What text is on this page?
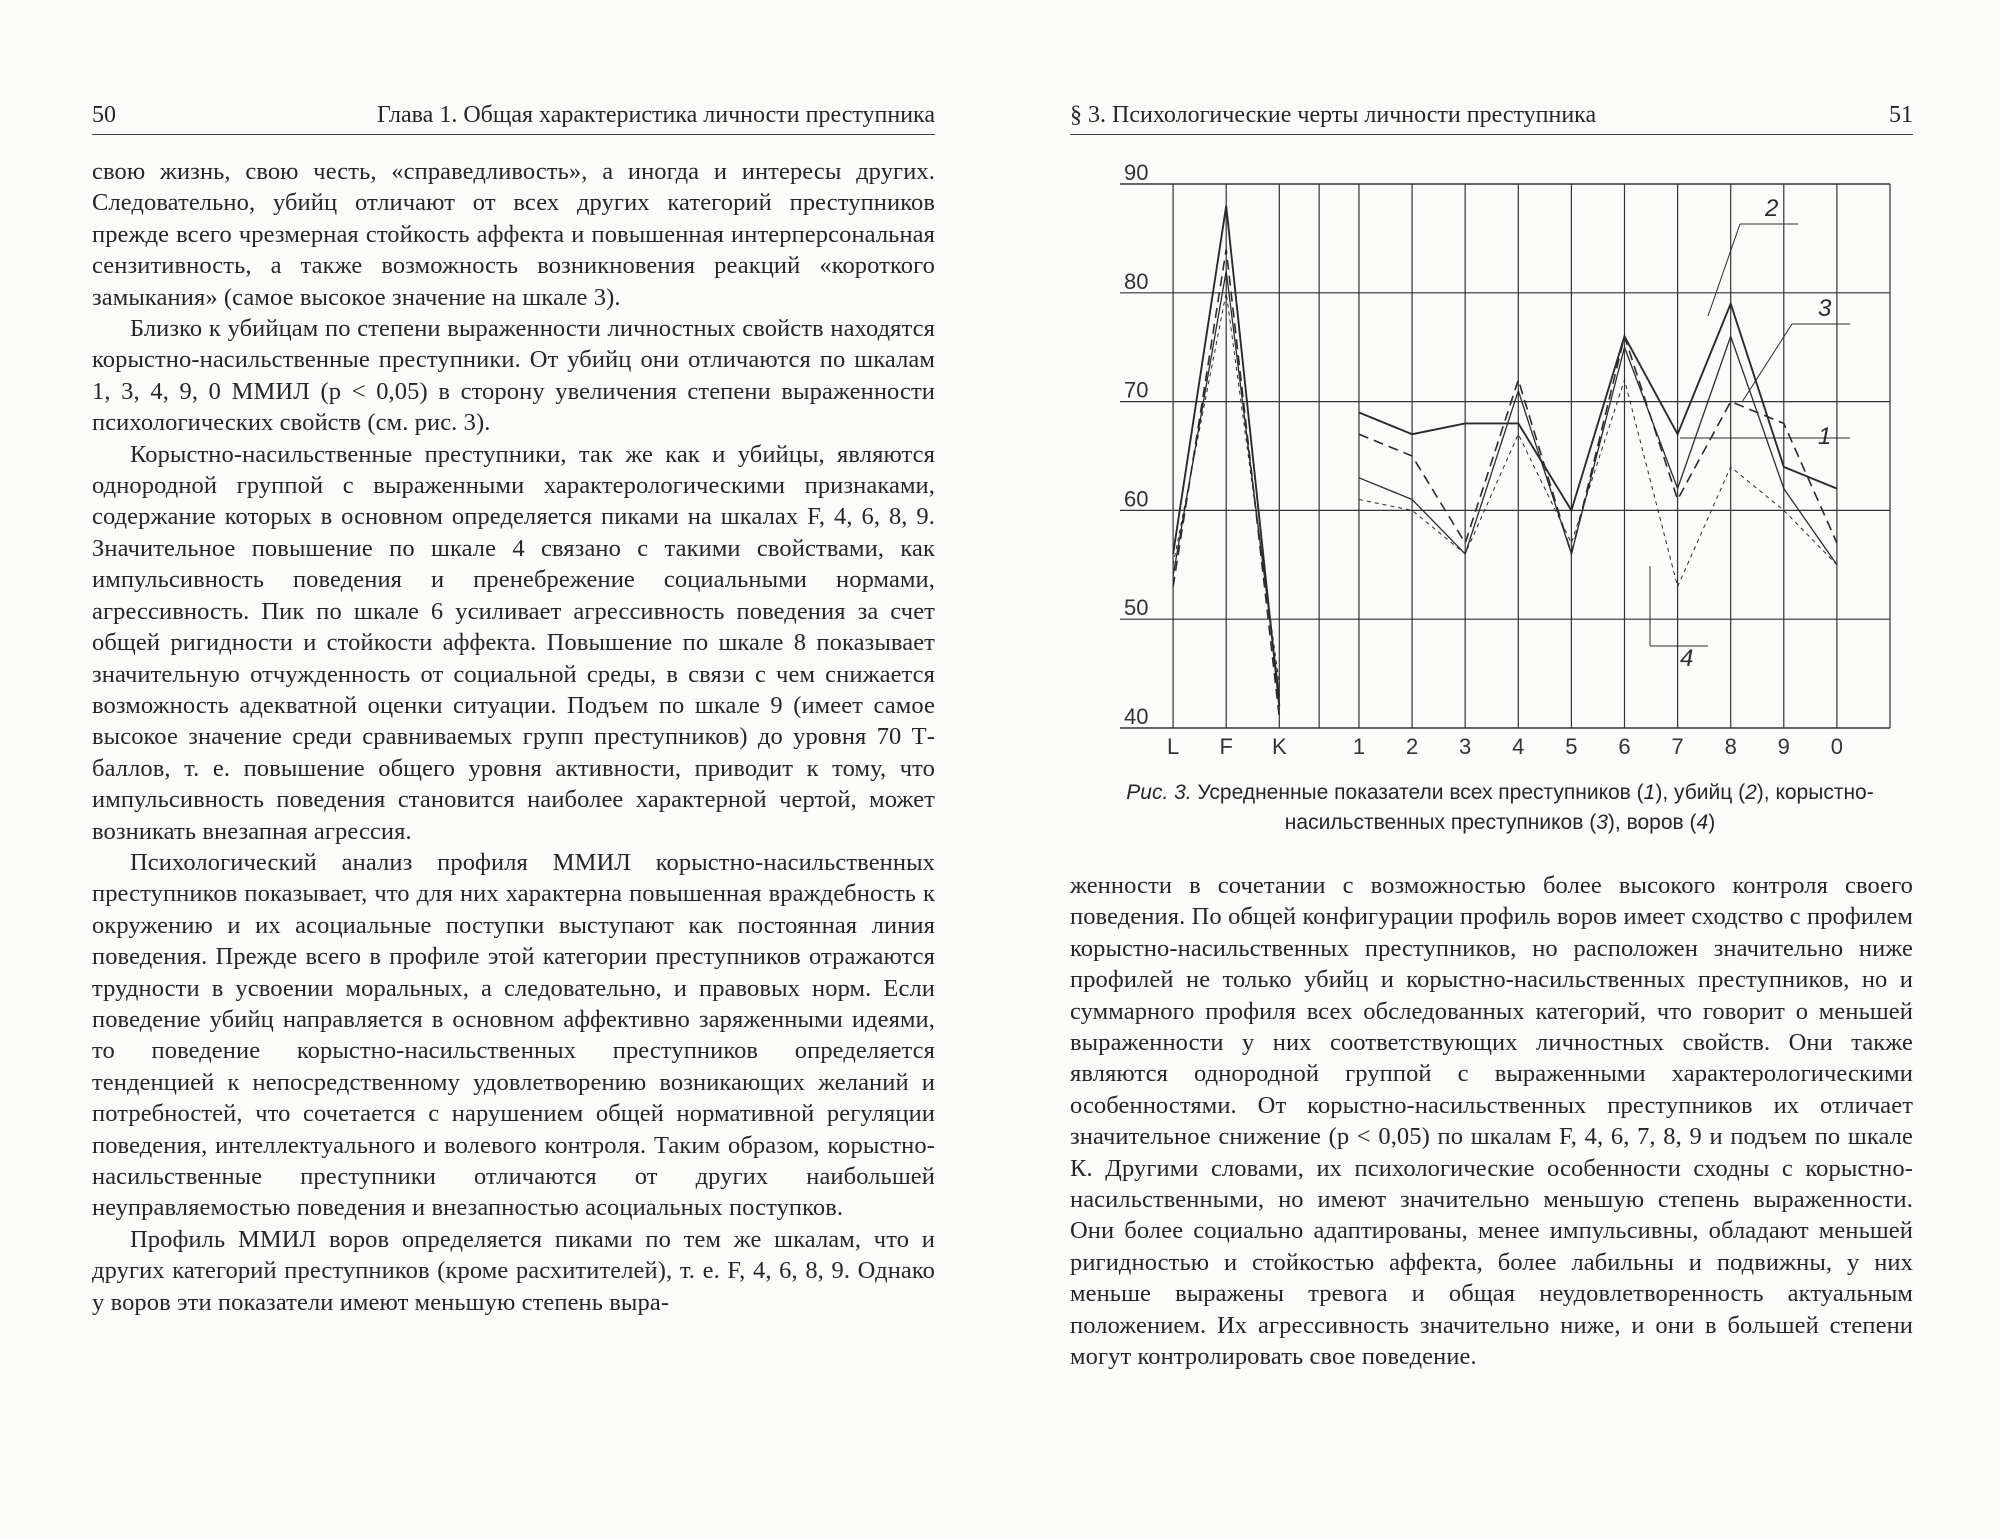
50	Глава 1. Общая характеристика личности преступника

свою жизнь, свою честь, «справедливость», а иногда и интересы других. Следовательно, убийц отличают от всех других категорий преступников прежде всего чрезмерная стойкость аффекта и повышенная интерперсональная сензитивность, а также возможность возникновения реакций «короткого замыкания» (самое высокое значение на шкале 3).

Близко к убийцам по степени выраженности личностных свойств находятся корыстно-насильственные преступники. От убийц они отличаются по шкалам 1, 3, 4, 9, 0 ММИЛ (р < 0,05) в сторону увеличения степени выраженности психологических свойств (см. рис. 3).

Корыстно-насильственные преступники, так же как и убийцы, являются однородной группой с выраженными характерологическими признаками, содержание которых в основном определяется пиками на шкалах F, 4, 6, 8, 9. Значительное повышение по шкале 4 связано с такими свойствами, как импульсивность поведения и пренебрежение социальными нормами, агрессивность. Пик по шкале 6 усиливает агрессивность поведения за счет общей ригидности и стойкости аффекта. Повышение по шкале 8 показывает значительную отчужденность от социальной среды, в связи с чем снижается возможность адекватной оценки ситуации. Подъем по шкале 9 (имеет самое высокое значение среди сравниваемых групп преступников) до уровня 70 Т-баллов, т. е. повышение общего уровня активности, приводит к тому, что импульсивность поведения становится наиболее характерной чертой, может возникать внезапная агрессия.

Психологический анализ профиля ММИЛ корыстно-насильственных преступников показывает, что для них характерна повышенная враждебность к окружению и их асоциальные поступки выступают как постоянная линия поведения. Прежде всего в профиле этой категории преступников отражаются трудности в усвоении моральных, а следовательно, и правовых норм. Если поведение убийц направляется в основном аффективно заряженными идеями, то поведение корыстно-насильственных преступников определяется тенденцией к непосредственному удовлетворению возникающих желаний и потребностей, что сочетается с нарушением общей нормативной регуляции поведения, интеллектуального и волевого контроля. Таким образом, корыстно-насильственные преступники отличаются от других наибольшей неуправляемостью поведения и внезапностью асоциальных поступков.

Профиль ММИЛ воров определяется пиками по тем же шкалам, что и других категорий преступников (кроме расхитителей), т. е. F, 4, 6, 8, 9. Однако у воров эти показатели имеют меньшую степень выра-

§ 3. Психологические черты личности преступника	51
90
80
70
60
50
40
L F K	1 2 3 4 5 6 7 8 9 0
2
3
1
4
Рис. 3. Усредненные показатели всех преступников (1), убийц (2), корыстно-насильственных преступников (3), воров (4)

женности в сочетании с возможностью более высокого контроля своего поведения. По общей конфигурации профиль воров имеет сходство с профилем корыстно-насильственных преступников, но расположен значительно ниже профилей не только убийц и корыстно-насильственных преступников, но и суммарного профиля всех обследованных категорий, что говорит о меньшей выраженности у них соответствующих личностных свойств. Они также являются однородной группой с выраженными характерологическими особенностями. От корыстно-насильственных преступников их отличает значительное снижение (р < 0,05) по шкалам F, 4, 6, 7, 8, 9 и подъем по шкале К. Другими словами, их психологические особенности сходны с корыстно-насильственными, но имеют значительно меньшую степень выраженности. Они более социально адаптированы, менее импульсивны, обладают меньшей ригидностью и стойкостью аффекта, более лабильны и подвижны, у них меньше выражены тревога и общая неудовлетворенность актуальным положением. Их агрессивность значительно ниже, и они в большей степени могут контролировать свое поведение.
